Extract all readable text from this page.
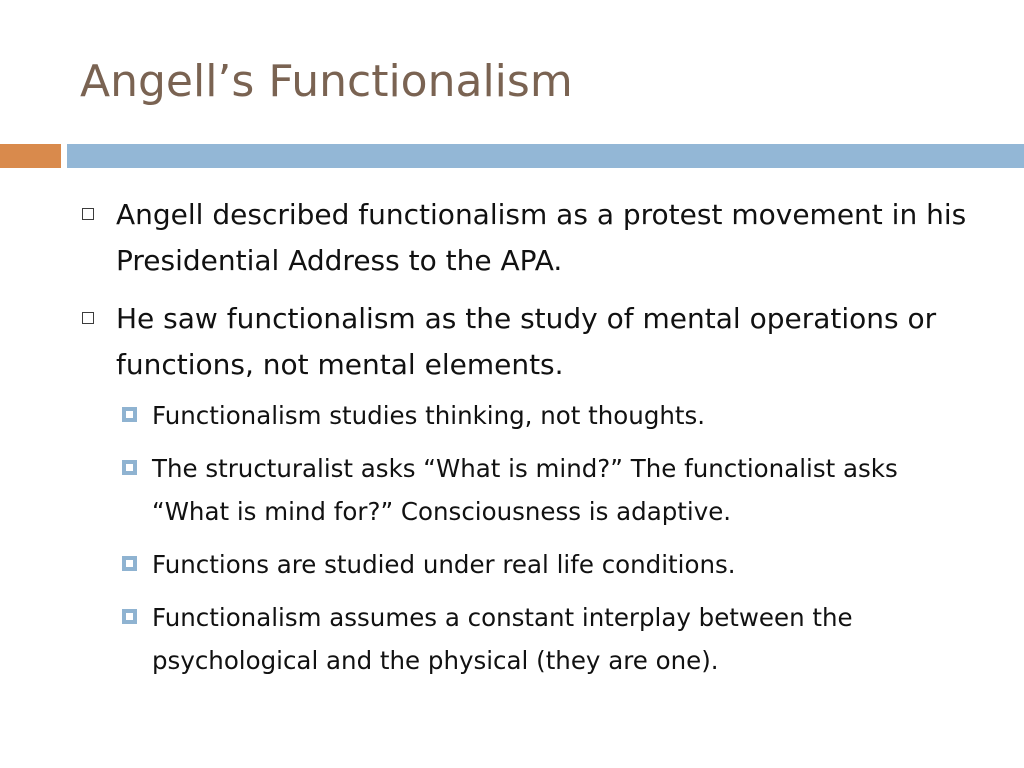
Angell’s Functionalism
Angell described functionalism as a protest movement in his Presidential Address to the APA.
He saw functionalism as the study of mental operations or functions, not mental elements.
Functionalism studies thinking, not thoughts.
The structuralist asks “What is mind?” The functionalist asks “What is mind for?” Consciousness is adaptive.
Functions are studied under real life conditions.
Functionalism assumes a constant interplay between the psychological and the physical (they are one).
